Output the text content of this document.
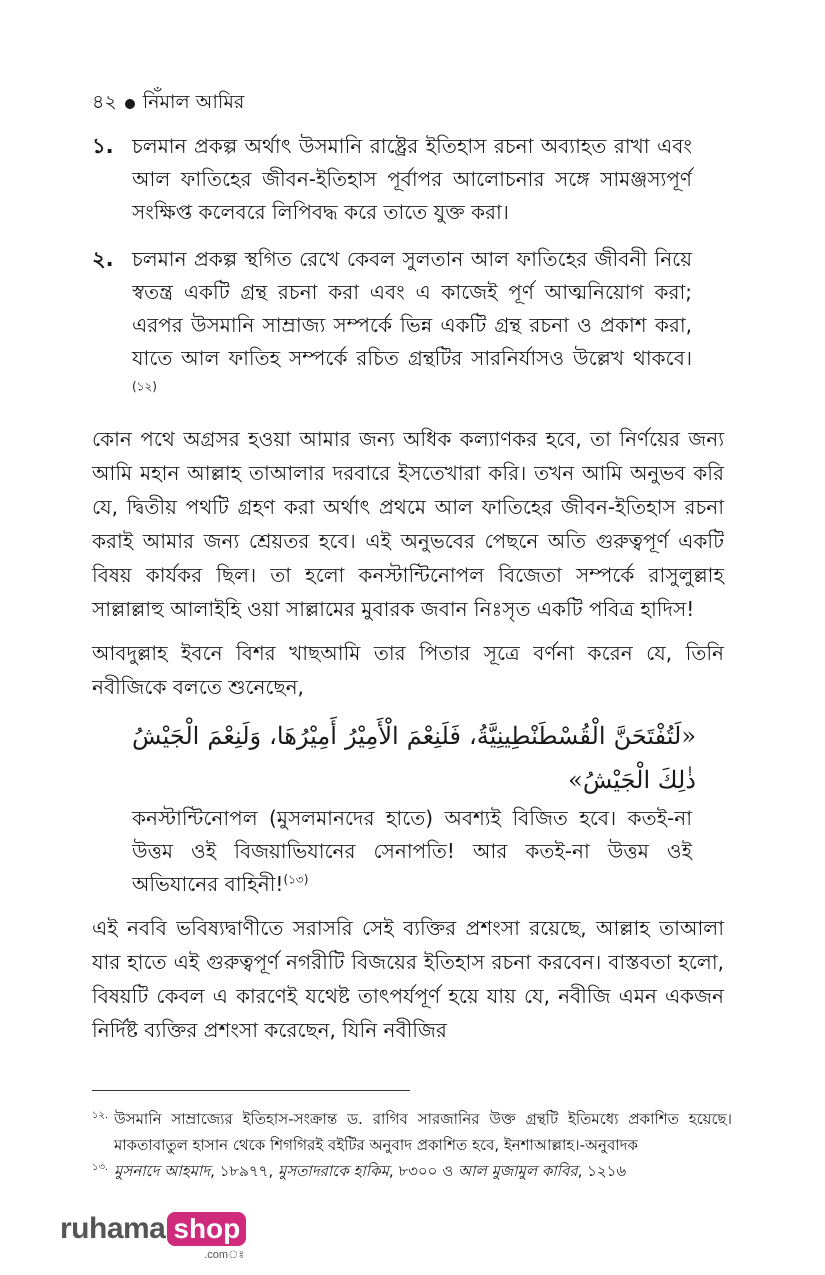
৪২ নিঁমাল আমির
১. চলমান প্রকল্প অর্থাৎ উসমানি রাষ্ট্রের ইতিহাস রচনা অব্যাহত রাখা এবং আল ফাতিহের জীবন-ইতিহাস পূর্বাপর আলোচনার সঙ্গে সামঞ্জস্যপূর্ণ সংক্ষিপ্ত কলেবরে লিপিবদ্ধ করে তাতে যুক্ত করা।
২. চলমান প্রকল্প স্থগিত রেখে কেবল সুলতান আল ফাতিহের জীবনী নিয়ে স্বতন্ত্র একটি গ্রন্থ রচনা করা এবং এ কাজেই পূর্ণ আত্মনিয়োগ করা; এরপর উসমানি সাম্রাজ্য সম্পর্কে ভিন্ন একটি গ্রন্থ রচনা ও প্রকাশ করা, যাতে আল ফাতিহ সম্পর্কে রচিত গ্রন্থটির সারনির্যাসও উল্লেখ থাকবে।$^{(১২)}$

কোন পথে অগ্রসর হওয়া আমার জন্য অধিক কল্যাণকর হবে, তা নির্ণয়ের জন্য আমি মহান আল্লাহ তাআলার দরবারে ইসতেখারা করি। তখন আমি অনুভব করি যে, দ্বিতীয় পথটি গ্রহণ করা অর্থাৎ প্রথমে আল ফাতিহের জীবন-ইতিহাস রচনা করাই আমার জন্য শ্রেয়তর হবে। এই অনুভবের পেছনে অতি গুরুত্বপূর্ণ একটি বিষয় কার্যকর ছিল। তা হলো কনস্টান্টিনোপল বিজেতা সম্পর্কে রাসুলুল্লাহ সাল্লাল্লাহু আলাইহি ওয়া সাল্লামের মুবারক জবান নিঃসৃত একটি পবিত্র হাদিস!

আবদুল্লাহ ইবনে বিশর খাছআমি তার পিতার সূত্রে বর্ণনা করেন যে, তিনি নবীজিকে বলতে শুনেছেন,

«لَتُفْتَحَنَّ الْقُسْطَنْطِينِيَّةُ، فَلَنِعْمَ الْأَمِيْرُ أَمِيْرُهَا، وَلَنِعْمَ الْجَيْشُ ذٰلِكَ الْجَيْشُ»
কনস্টান্টিনোপল (মুসলমানদের হাতে) অবশ্যই বিজিত হবে। কতই-না উত্তম ওই বিজয়াভিযানের সেনাপতি! আর কতই-না উত্তম ওই অভিযানের বাহিনী!$^{(১৩)}$

এই নববি ভবিষ্যদ্বাণীতে সরাসরি সেই ব্যক্তির প্রশংসা রয়েছে, আল্লাহ তাআলা যার হাতে এই গুরুত্বপূর্ণ নগরীটি বিজয়ের ইতিহাস রচনা করবেন। বাস্তবতা হলো, বিষয়টি কেবল এ কারণেই যথেষ্ট তাৎপর্যপূর্ণ হয়ে যায় যে, নবীজি এমন একজন নির্দিষ্ট ব্যক্তির প্রশংসা করেছেন, যিনি নবীজির

১২. উসমানি সাম্রাজ্যের ইতিহাস-সংক্রান্ত ড. রাগিব সারজানির উক্ত গ্রন্থটি ইতিমধ্যে প্রকাশিত হয়েছে। মাকতাবাতুল হাসান থেকে শিগগিরই বইটির অনুবাদ প্রকাশিত হবে, ইনশাআল্লাহ।-অনুবাদক
১৩. মুসনাদে আহমাদ, ১৮৯৭৭, মুসতাদরাকে হাকিম, ৮৩০০ ও আল মুজামুল কাবির, ১২১৬
ruhama shop
.comঃ
